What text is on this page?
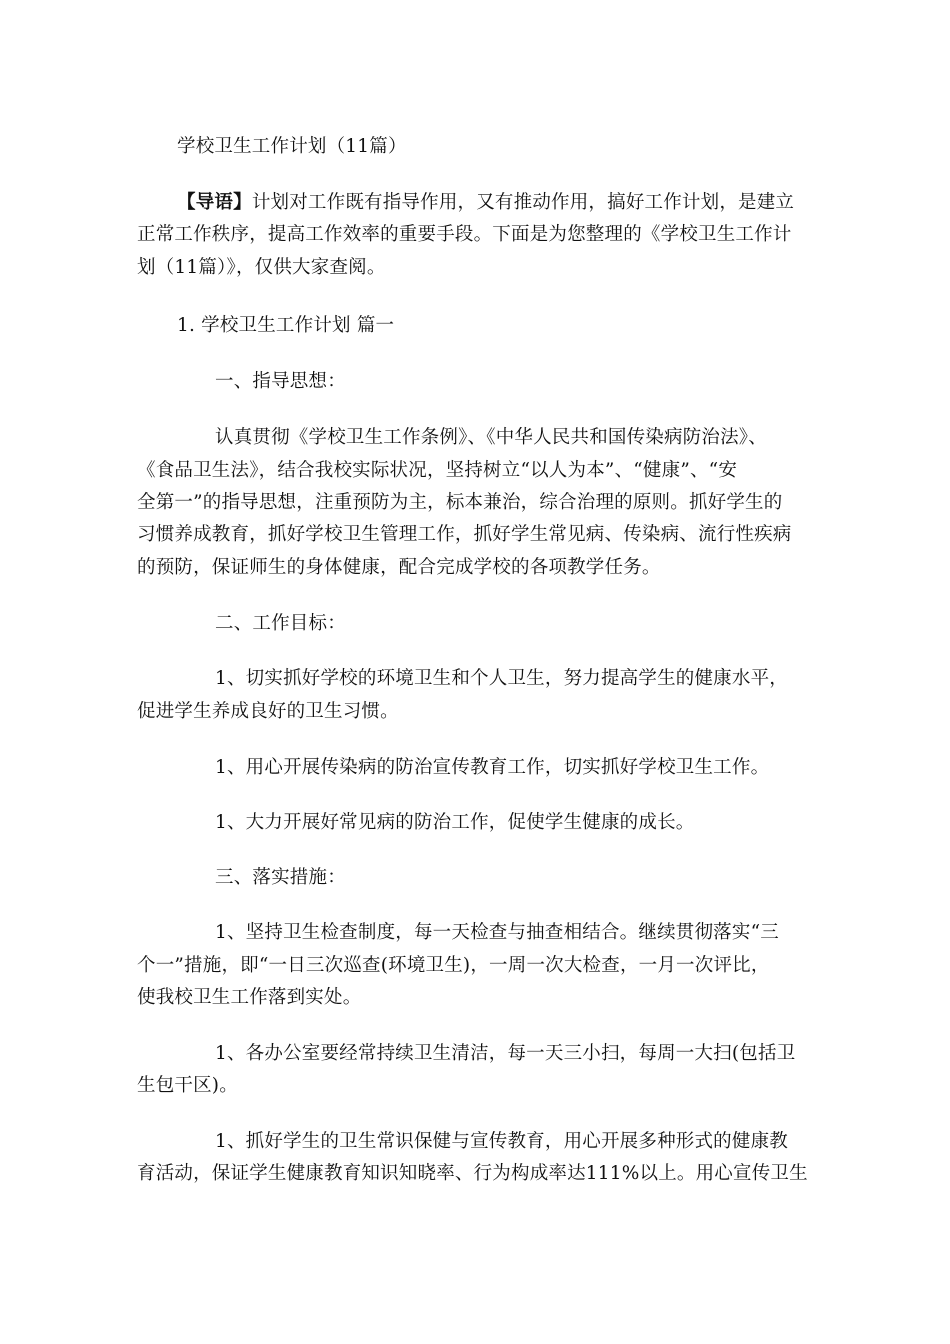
学校卫生工作计划（11篇）
【导语】计划对工作既有指导作用，又有推动作用，搞好工作计划，是建立
正常工作秩序，提高工作效率的重要手段。下面是为您整理的《学校卫生工作计
划（11篇）》，仅供大家查阅。
1. 学校卫生工作计划 篇一
一、指导思想：
认真贯彻《学校卫生工作条例》、《中华人民共和国传染病防治法》、
《食品卫生法》，结合我校实际状况，坚持树立“以人为本”、“健康”、“安
全第一”的指导思想，注重预防为主，标本兼治，综合治理的原则。抓好学生的
习惯养成教育，抓好学校卫生管理工作，抓好学生常见病、传染病、流行性疾病
的预防，保证师生的身体健康，配合完成学校的各项教学任务。
二、工作目标：
1、切实抓好学校的环境卫生和个人卫生，努力提高学生的健康水平，
促进学生养成良好的卫生习惯。
1、用心开展传染病的防治宣传教育工作，切实抓好学校卫生工作。
1、大力开展好常见病的防治工作，促使学生健康的成长。
三、落实措施：
1、坚持卫生检查制度，每一天检查与抽查相结合。继续贯彻落实“三
个一”措施，即“一日三次巡查(环境卫生)，一周一次大检查，一月一次评比，
使我校卫生工作落到实处。
1、各办公室要经常持续卫生清洁，每一天三小扫，每周一大扫(包括卫
生包干区)。
1、抓好学生的卫生常识保健与宣传教育，用心开展多种形式的健康教
育活动，保证学生健康教育知识知晓率、行为构成率达111%以上。用心宣传卫生
